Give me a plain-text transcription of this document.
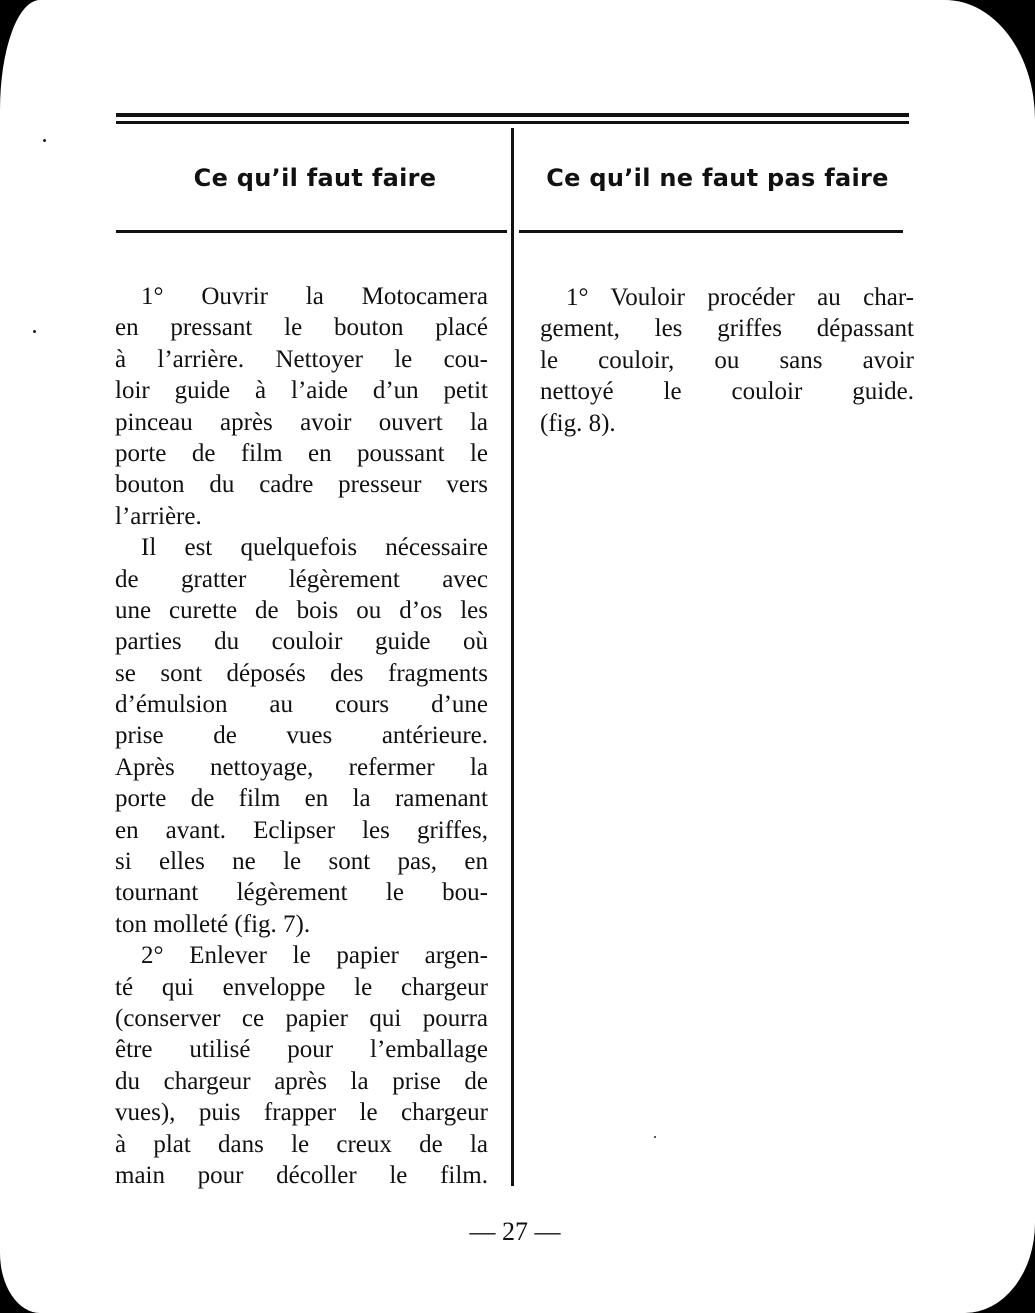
Ce qu’il faut faire	Ce qu’il ne faut pas faire
1° Ouvrir la Motocamera
en pressant le bouton placé
à l’arrière. Nettoyer le cou-
loir guide à l’aide d’un petit
pinceau après avoir ouvert la
porte de film en poussant le
bouton du cadre presseur vers
l’arrière.
Il est quelquefois nécessaire
de gratter légèrement avec
une curette de bois ou d’os les
parties du couloir guide où
se sont déposés des fragments
d’émulsion au cours d’une
prise de vues antérieure.
Après nettoyage, refermer la
porte de film en la ramenant
en avant. Eclipser les griffes,
si elles ne le sont pas, en
tournant légèrement le bou-
ton molleté (fig. 7).
2° Enlever le papier argen-
té qui enveloppe le chargeur
(conserver ce papier qui pourra
être utilisé pour l’emballage
du chargeur après la prise de
vues), puis frapper le chargeur
à plat dans le creux de la
main pour décoller le film.
1° Vouloir procéder au char-
gement, les griffes dépassant
le couloir, ou sans avoir
nettoyé le couloir guide.
(fig. 8).
— 27 —
